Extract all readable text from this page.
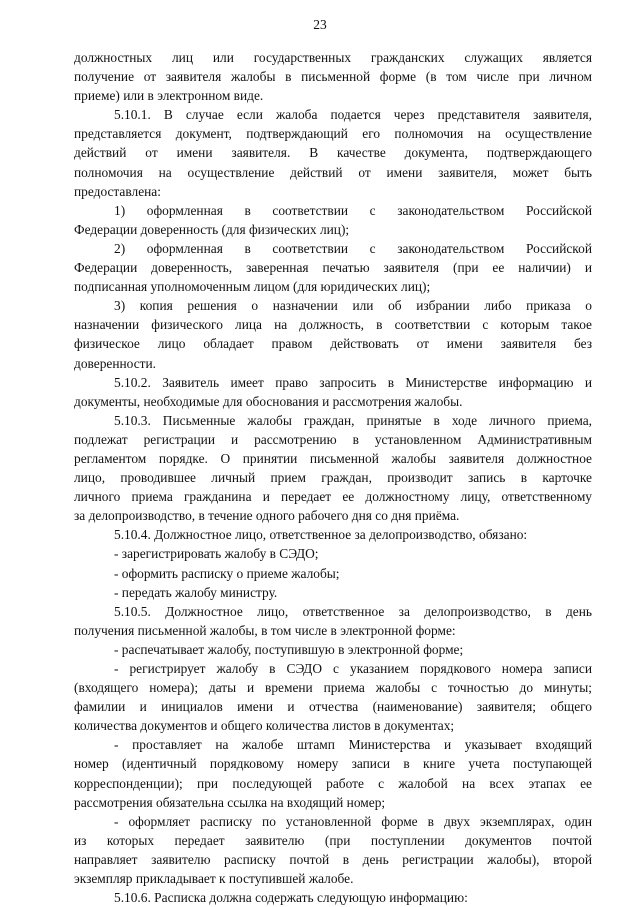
23
должностных лиц или государственных гражданских служащих является
получение от заявителя жалобы в письменной форме (в том числе при личном
приеме) или в электронном виде.
5.10.1. В случае если жалоба подается через представителя заявителя,
представляется документ, подтверждающий его полномочия на осуществление
действий от имени заявителя. В качестве документа, подтверждающего
полномочия на осуществление действий от имени заявителя, может быть
предоставлена:
1) оформленная в соответствии с законодательством Российской
Федерации доверенность (для физических лиц);
2) оформленная в соответствии с законодательством Российской
Федерации доверенность, заверенная печатью заявителя (при ее наличии) и
подписанная уполномоченным лицом (для юридических лиц);
3) копия решения о назначении или об избрании либо приказа о
назначении физического лица на должность, в соответствии с которым такое
физическое лицо обладает правом действовать от имени заявителя без
доверенности.
5.10.2. Заявитель имеет право запросить в Министерстве информацию и
документы, необходимые для обоснования и рассмотрения жалобы.
5.10.3. Письменные жалобы граждан, принятые в ходе личного приема,
подлежат регистрации и рассмотрению в установленном Административным
регламентом порядке. О принятии письменной жалобы заявителя должностное
лицо, проводившее личный прием граждан, производит запись в карточке
личного приема гражданина и передает ее должностному лицу, ответственному
за делопроизводство, в течение одного рабочего дня со дня приёма.
5.10.4. Должностное лицо, ответственное за делопроизводство, обязано:
- зарегистрировать жалобу в СЭДО;
- оформить расписку о приеме жалобы;
- передать жалобу министру.
5.10.5. Должностное лицо, ответственное за делопроизводство, в день
получения письменной жалобы, в том числе в электронной форме:
- распечатывает жалобу, поступившую в электронной форме;
- регистрирует жалобу в СЭДО с указанием порядкового номера записи
(входящего номера); даты и времени приема жалобы с точностью до минуты;
фамилии и инициалов имени и отчества (наименование) заявителя; общего
количества документов и общего количества листов в документах;
- проставляет на жалобе штамп Министерства и указывает входящий
номер (идентичный порядковому номеру записи в книге учета поступающей
корреспонденции); при последующей работе с жалобой на всех этапах ее
рассмотрения обязательна ссылка на входящий номер;
- оформляет расписку по установленной форме в двух экземплярах, один
из которых передает заявителю (при поступлении документов почтой
направляет заявителю расписку почтой в день регистрации жалобы), второй
экземпляр прикладывает к поступившей жалобе.
5.10.6. Расписка должна содержать следующую информацию:
